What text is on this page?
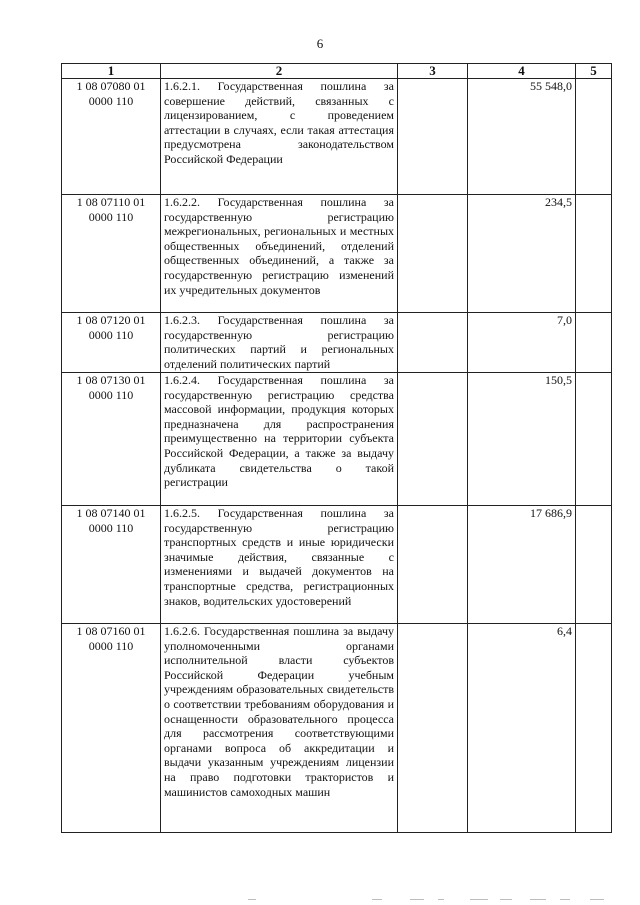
6
1	2	3	4	5
1 08 07080 01 0000 110	1.6.2.1. Государственная пошлина за совершение действий, связанных с лицензированием, с проведением аттестации в случаях, если такая аттестация предусмотрена законодательством Российской Федерации		55 548,0	
1 08 07110 01 0000 110	1.6.2.2. Государственная пошлина за государственную регистрацию межрегиональных, региональных и местных общественных объединений, отделений общественных объединений, а также за государственную регистрацию изменений их учредительных документов		234,5	
1 08 07120 01 0000 110	1.6.2.3. Государственная пошлина за государственную регистрацию политических партий и региональных отделений политических партий		7,0	
1 08 07130 01 0000 110	1.6.2.4. Государственная пошлина за государственную регистрацию средства массовой информации, продукция которых предназначена для распространения преимущественно на территории субъекта Российской Федерации, а также за выдачу дубликата свидетельства о такой регистрации		150,5	
1 08 07140 01 0000 110	1.6.2.5. Государственная пошлина за государственную регистрацию транспортных средств и иные юридически значимые действия, связанные с изменениями и выдачей документов на транспортные средства, регистрационных знаков, водительских удостоверений		17 686,9	
1 08 07160 01 0000 110	1.6.2.6. Государственная пошлина за выдачу уполномоченными органами исполнительной власти субъектов Российской Федерации учебным учреждениям образовательных свидетельств о соответствии требованиям оборудования и оснащенности образовательного процесса для рассмотрения соответствующими органами вопроса об аккредитации и выдачи указанным учреждениям лицензии на право подготовки трактористов и машинистов самоходных машин		6,4	
